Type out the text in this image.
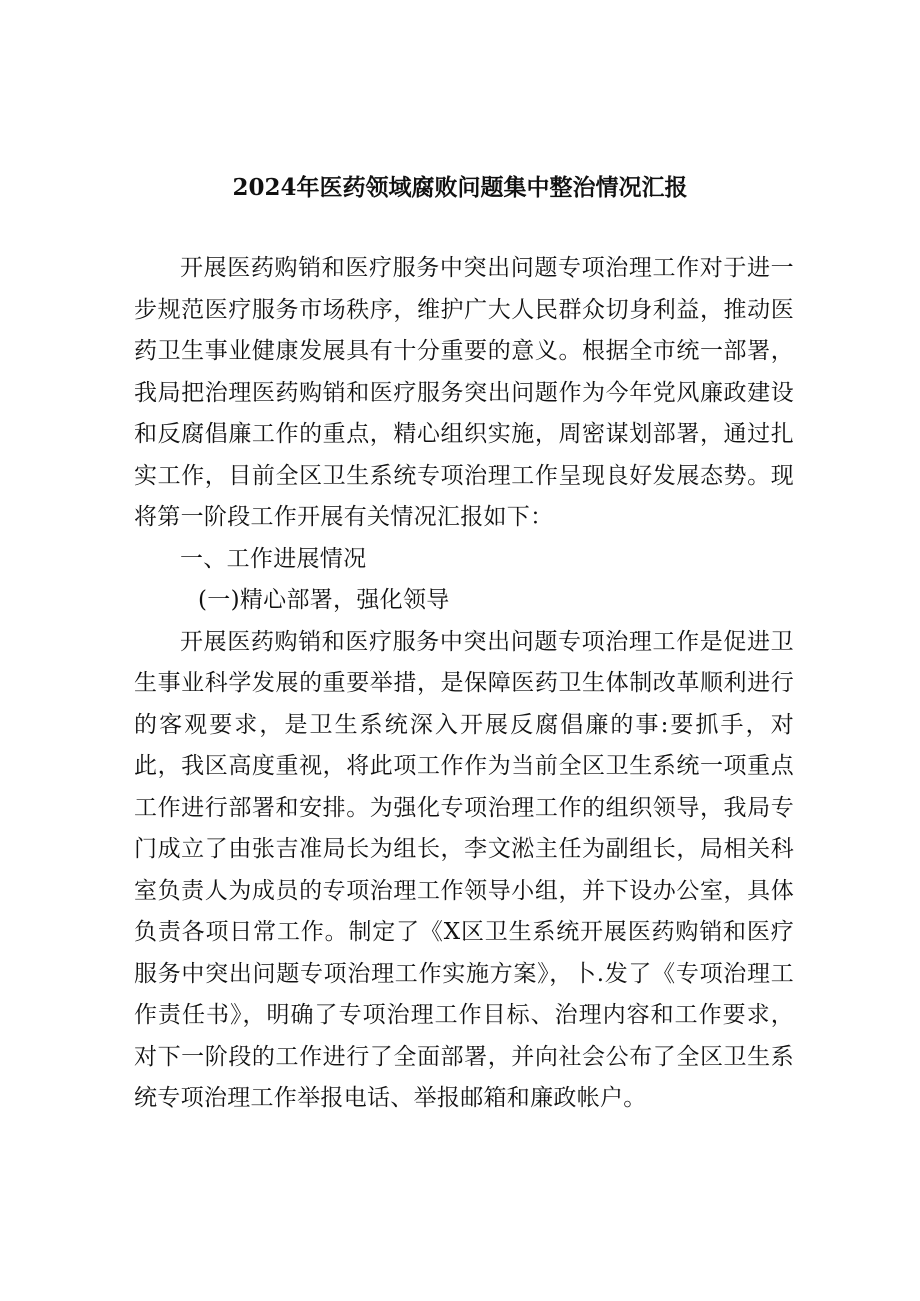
2024年医药领域腐败问题集中整治情况汇报

开展医药购销和医疗服务中突出问题专项治理工作对于进一步规范医疗服务市场秩序，维护广大人民群众切身利益，推动医药卫生事业健康发展具有十分重要的意义。根据全市统一部署，我局把治理医药购销和医疗服务突出问题作为今年党风廉政建设和反腐倡廉工作的重点，精心组织实施，周密谋划部署，通过扎实工作，目前全区卫生系统专项治理工作呈现良好发展态势。现将第一阶段工作开展有关情况汇报如下：

一、工作进展情况

(一)精心部署，强化领导

开展医药购销和医疗服务中突出问题专项治理工作是促进卫生事业科学发展的重要举措，是保障医药卫生体制改革顺利进行的客观要求，是卫生系统深入开展反腐倡廉的事:要抓手，对此，我区高度重视，将此项工作作为当前全区卫生系统一项重点工作进行部署和安排。为强化专项治理工作的组织领导，我局专门成立了由张吉准局长为组长，李文淞主任为副组长，局相关科室负责人为成员的专项治理工作领导小组，并下设办公室，具体负责各项日常工作。制定了《X区卫生系统开展医药购销和医疗服务中突出问题专项治理工作实施方案》，卜.发了《专项治理工作责任书》，明确了专项治理工作目标、治理内容和工作要求，对下一阶段的工作进行了全面部署，并向社会公布了全区卫生系统专项治理工作举报电话、举报邮箱和廉政帐户。
